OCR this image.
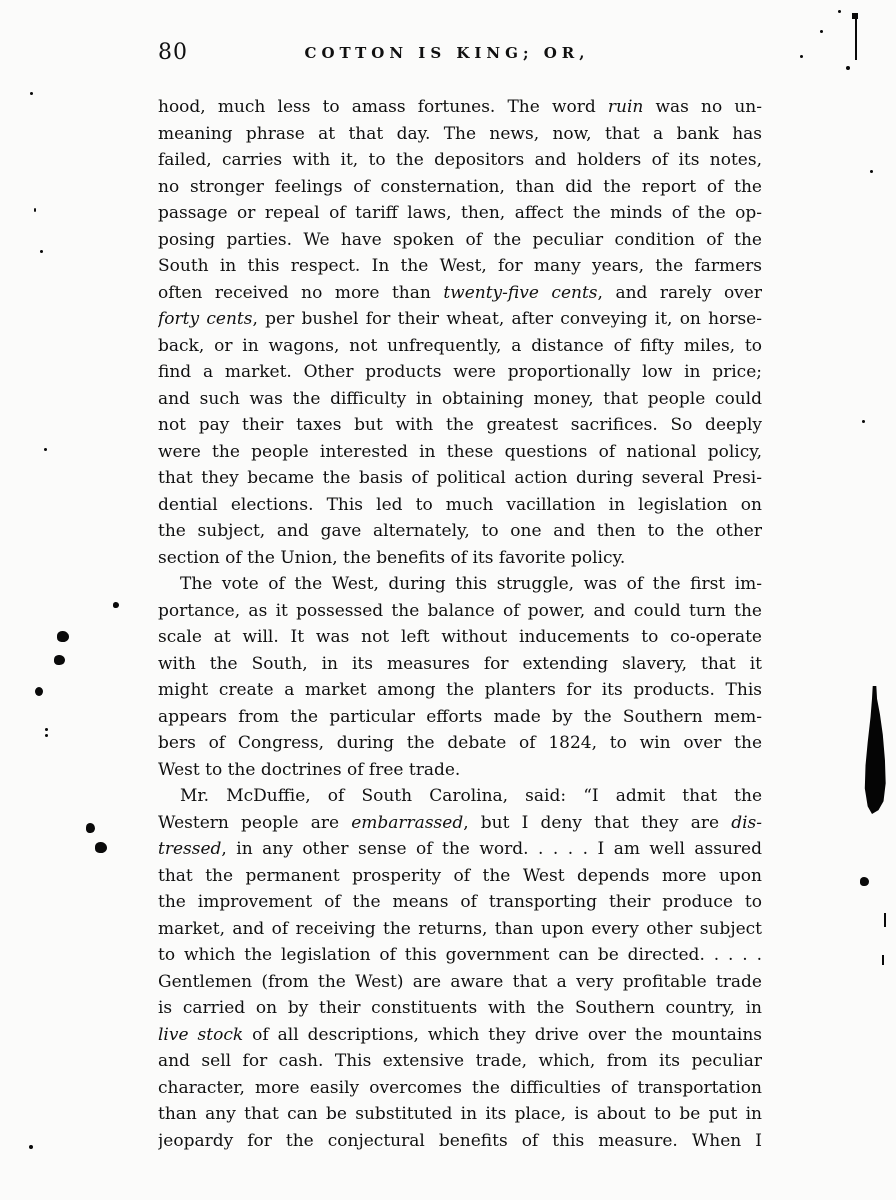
80	COTTON IS KING; OR,
hood, much less to amass fortunes. The word ruin was no un-
meaning phrase at that day. The news, now, that a bank has
failed, carries with it, to the depositors and holders of its notes,
no stronger feelings of consternation, than did the report of the
passage or repeal of tariff laws, then, affect the minds of the op-
posing parties. We have spoken of the peculiar condition of the
South in this respect. In the West, for many years, the farmers
often received no more than twenty-five cents, and rarely over
forty cents, per bushel for their wheat, after conveying it, on horse-
back, or in wagons, not unfrequently, a distance of fifty miles, to
find a market. Other products were proportionally low in price;
and such was the difficulty in obtaining money, that people could
not pay their taxes but with the greatest sacrifices. So deeply
were the people interested in these questions of national policy,
that they became the basis of political action during several Presi-
dential elections. This led to much vacillation in legislation on
the subject, and gave alternately, to one and then to the other
section of the Union, the benefits of its favorite policy.
The vote of the West, during this struggle, was of the first im-
portance, as it possessed the balance of power, and could turn the
scale at will. It was not left without inducements to co-operate
with the South, in its measures for extending slavery, that it
might create a market among the planters for its products. This
appears from the particular efforts made by the Southern mem-
bers of Congress, during the debate of 1824, to win over the
West to the doctrines of free trade.
Mr. McDuffie, of South Carolina, said: “I admit that the
Western people are embarrassed, but I deny that they are dis-
tressed, in any other sense of the word. . . . . I am well assured
that the permanent prosperity of the West depends more upon
the improvement of the means of transporting their produce to
market, and of receiving the returns, than upon every other subject
to which the legislation of this government can be directed. . . . .
Gentlemen (from the West) are aware that a very profitable trade
is carried on by their constituents with the Southern country, in
live stock of all descriptions, which they drive over the mountains
and sell for cash. This extensive trade, which, from its peculiar
character, more easily overcomes the difficulties of transportation
than any that can be substituted in its place, is about to be put in
jeopardy for the conjectural benefits of this measure. When I
